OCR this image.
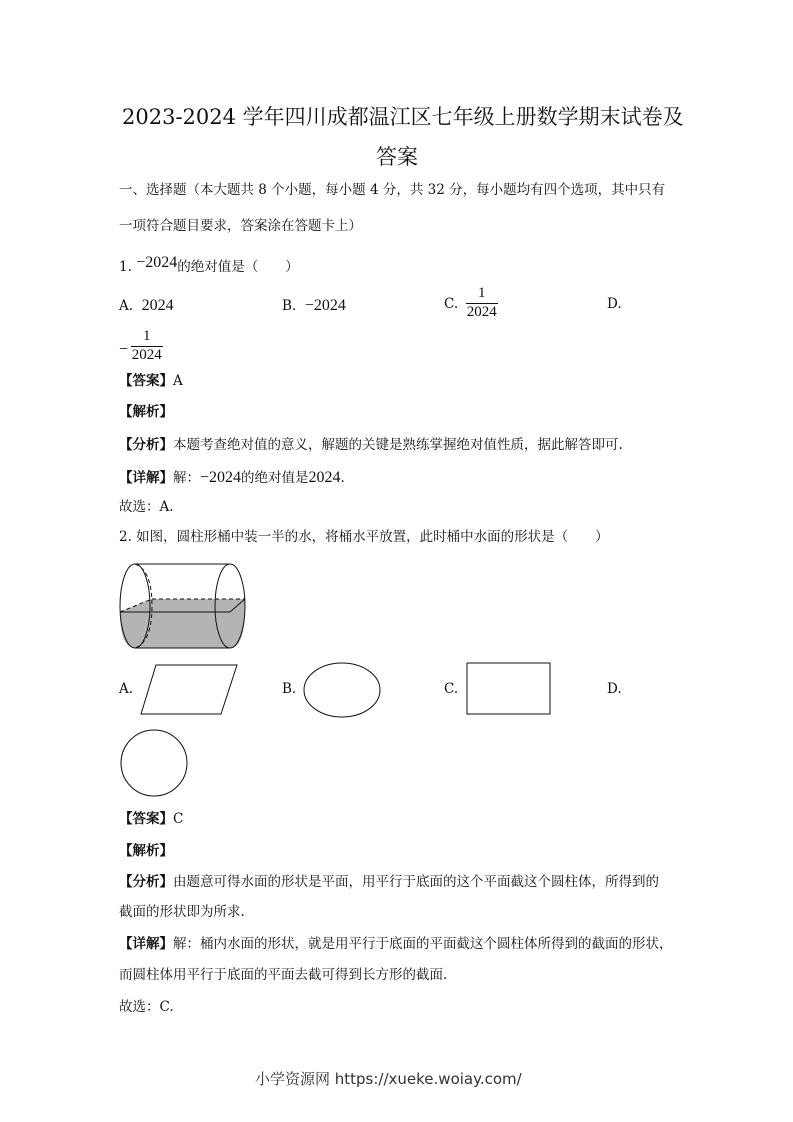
2023-2024 学年四川成都温江区七年级上册数学期末试卷及
答案
一、选择题（本大题共 8 个小题，每小题 4 分，共 32 分，每小题均有四个选项，其中只有
一项符合题目要求，答案涂在答题卡上）
1. −2024的绝对值是（　　）
A. 2024	B. −2024	C. $\frac{1}{2024}$	D.
− $\frac{1}{2024}$
【答案】A
【解析】
【分析】本题考查绝对值的意义，解题的关键是熟练掌握绝对值性质，据此解答即可.
【详解】解：−2024的绝对值是2024.
故选：A.
2. 如图，圆柱形桶中装一半的水，将桶水平放置，此时桶中水面的形状是（　　）
A.	B.	C.	D.
【答案】C
【解析】
【分析】由题意可得水面的形状是平面，用平行于底面的这个平面截这个圆柱体，所得到的
截面的形状即为所求.
【详解】解：桶内水面的形状，就是用平行于底面的平面截这个圆柱体所得到的截面的形状，
而圆柱体用平行于底面的平面去截可得到长方形的截面.
故选：C.
小学资源网 https://xueke.woiay.com/
